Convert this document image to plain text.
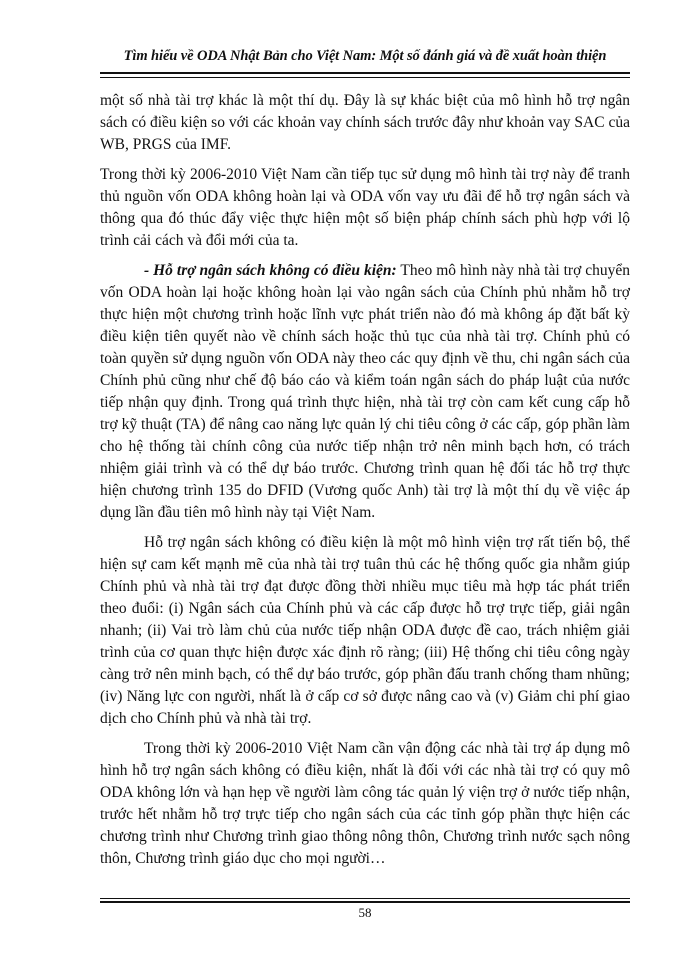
Tìm hiểu về ODA Nhật Bản cho Việt Nam: Một số đánh giá và đề xuất hoàn thiện

một số nhà tài trợ khác là một thí dụ. Đây là sự khác biệt của mô hình hỗ trợ ngân sách có điều kiện so với các khoản vay chính sách trước đây như khoản vay SAC của WB, PRGS của IMF.

Trong thời kỳ 2006-2010 Việt Nam cần tiếp tục sử dụng mô hình tài trợ này để tranh thủ nguồn vốn ODA không hoàn lại và ODA vốn vay ưu đãi để hỗ trợ ngân sách và thông qua đó thúc đẩy việc thực hiện một số biện pháp chính sách phù hợp với lộ trình cải cách và đổi mới của ta.

- Hỗ trợ ngân sách không có điều kiện: Theo mô hình này nhà tài trợ chuyển vốn ODA hoàn lại hoặc không hoàn lại vào ngân sách của Chính phủ nhằm hỗ trợ thực hiện một chương trình hoặc lĩnh vực phát triển nào đó mà không áp đặt bất kỳ điều kiện tiên quyết nào về chính sách hoặc thủ tục của nhà tài trợ. Chính phủ có toàn quyền sử dụng nguồn vốn ODA này theo các quy định về thu, chi ngân sách của Chính phủ cũng như chế độ báo cáo và kiểm toán ngân sách do pháp luật của nước tiếp nhận quy định. Trong quá trình thực hiện, nhà tài trợ còn cam kết cung cấp hỗ trợ kỹ thuật (TA) để nâng cao năng lực quản lý chi tiêu công ở các cấp, góp phần làm cho hệ thống tài chính công của nước tiếp nhận trở nên minh bạch hơn, có trách nhiệm giải trình và có thể dự báo trước. Chương trình quan hệ đối tác hỗ trợ thực hiện chương trình 135 do DFID (Vương quốc Anh) tài trợ là một thí dụ về việc áp dụng lần đầu tiên mô hình này tại Việt Nam.

Hỗ trợ ngân sách không có điều kiện là một mô hình viện trợ rất tiến bộ, thể hiện sự cam kết mạnh mẽ của nhà tài trợ tuân thủ các hệ thống quốc gia nhằm giúp Chính phủ và nhà tài trợ đạt được đồng thời nhiều mục tiêu mà hợp tác phát triển theo đuổi: (i) Ngân sách của Chính phủ và các cấp được hỗ trợ trực tiếp, giải ngân nhanh; (ii) Vai trò làm chủ của nước tiếp nhận ODA được đề cao, trách nhiệm giải trình của cơ quan thực hiện được xác định rõ ràng; (iii) Hệ thống chi tiêu công ngày càng trở nên minh bạch, có thể dự báo trước, góp phần đấu tranh chống tham nhũng; (iv) Năng lực con người, nhất là ở cấp cơ sở được nâng cao và (v) Giảm chi phí giao dịch cho Chính phủ và nhà tài trợ.

Trong thời kỳ 2006-2010 Việt Nam cần vận động các nhà tài trợ áp dụng mô hình hỗ trợ ngân sách không có điều kiện, nhất là đối với các nhà tài trợ có quy mô ODA không lớn và hạn hẹp về người làm công tác quản lý viện trợ ở nước tiếp nhận, trước hết nhằm hỗ trợ trực tiếp cho ngân sách của các tỉnh góp phần thực hiện các chương trình như Chương trình giao thông nông thôn, Chương trình nước sạch nông thôn, Chương trình giáo dục cho mọi người…

58
